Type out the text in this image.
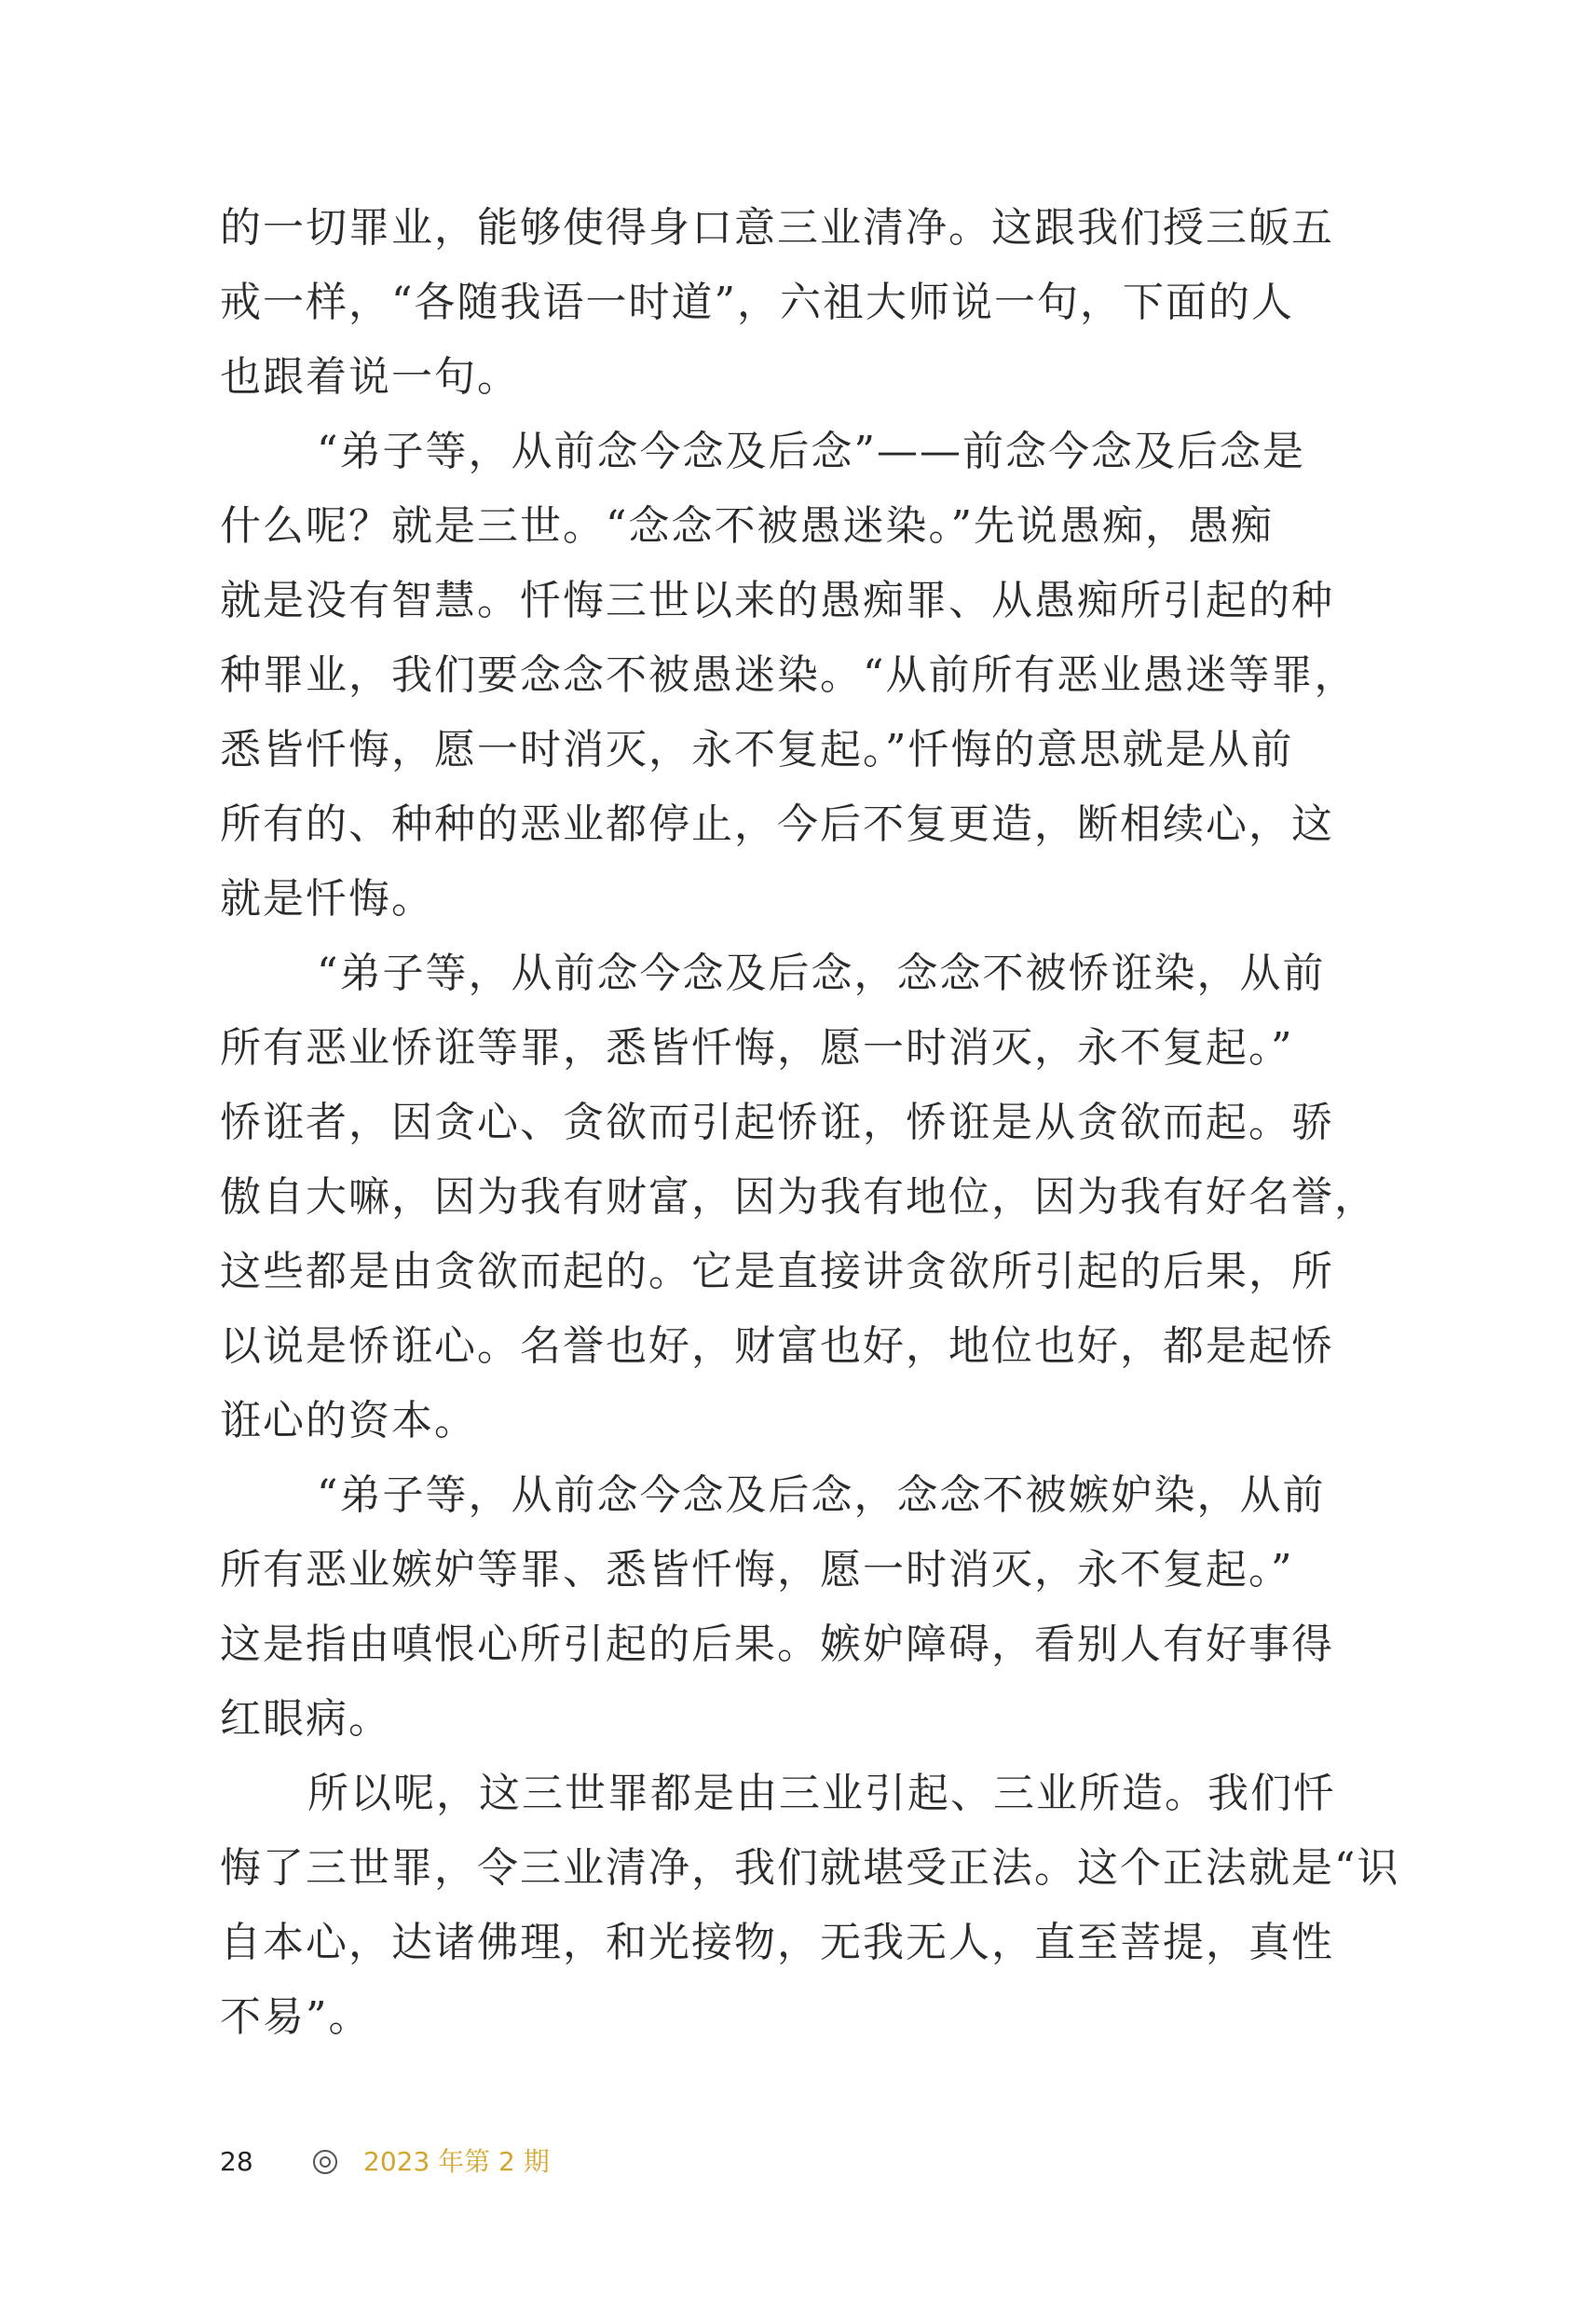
的一切罪业，能够使得身口意三业清净。这跟我们授三皈五
戒一样，“各随我语一时道”，六祖大师说一句，下面的人
也跟着说一句。
“弟子等，从前念今念及后念”——前念今念及后念是
什么呢？就是三世。“念念不被愚迷染。”先说愚痴，愚痴
就是没有智慧。忏悔三世以来的愚痴罪、从愚痴所引起的种
种罪业，我们要念念不被愚迷染。“从前所有恶业愚迷等罪，
悉皆忏悔，愿一时消灭，永不复起。”忏悔的意思就是从前
所有的、种种的恶业都停止，今后不复更造，断相续心，这
就是忏悔。
“弟子等，从前念今念及后念，念念不被㤭诳染，从前
所有恶业㤭诳等罪，悉皆忏悔，愿一时消灭，永不复起。”
㤭诳者，因贪心、贪欲而引起㤭诳，㤭诳是从贪欲而起。骄
傲自大嘛，因为我有财富，因为我有地位，因为我有好名誉，
这些都是由贪欲而起的。它是直接讲贪欲所引起的后果，所
以说是㤭诳心。名誉也好，财富也好，地位也好，都是起㤭
诳心的资本。
“弟子等，从前念今念及后念，念念不被嫉妒染，从前
所有恶业嫉妒等罪、悉皆忏悔，愿一时消灭，永不复起。”
这是指由嗔恨心所引起的后果。嫉妒障碍，看别人有好事得
红眼病。
所以呢，这三世罪都是由三业引起、三业所造。我们忏
悔了三世罪，令三业清净，我们就堪受正法。这个正法就是“识
自本心，达诸佛理，和光接物，无我无人，直至菩提，真性
不易”。
28	2023 年第 2 期
